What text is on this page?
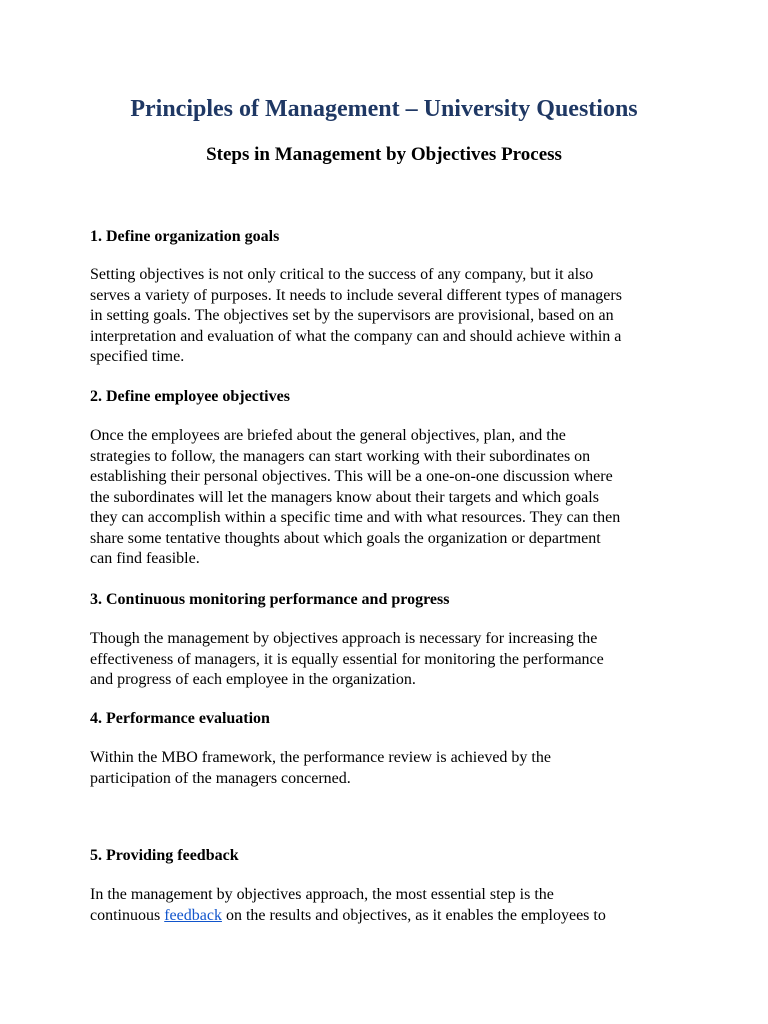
Principles of Management – University Questions
Steps in Management by Objectives Process
1. Define organization goals
Setting objectives is not only critical to the success of any company, but it also
serves a variety of purposes. It needs to include several different types of managers
in setting goals. The objectives set by the supervisors are provisional, based on an
interpretation and evaluation of what the company can and should achieve within a
specified time.
2. Define employee objectives
Once the employees are briefed about the general objectives, plan, and the
strategies to follow, the managers can start working with their subordinates on
establishing their personal objectives. This will be a one-on-one discussion where
the subordinates will let the managers know about their targets and which goals
they can accomplish within a specific time and with what resources. They can then
share some tentative thoughts about which goals the organization or department
can find feasible.
3. Continuous monitoring performance and progress
Though the management by objectives approach is necessary for increasing the
effectiveness of managers, it is equally essential for monitoring the performance
and progress of each employee in the organization.
4. Performance evaluation
Within the MBO framework, the performance review is achieved by the
participation of the managers concerned.
5. Providing feedback
In the management by objectives approach, the most essential step is the
continuous feedback on the results and objectives, as it enables the employees to
